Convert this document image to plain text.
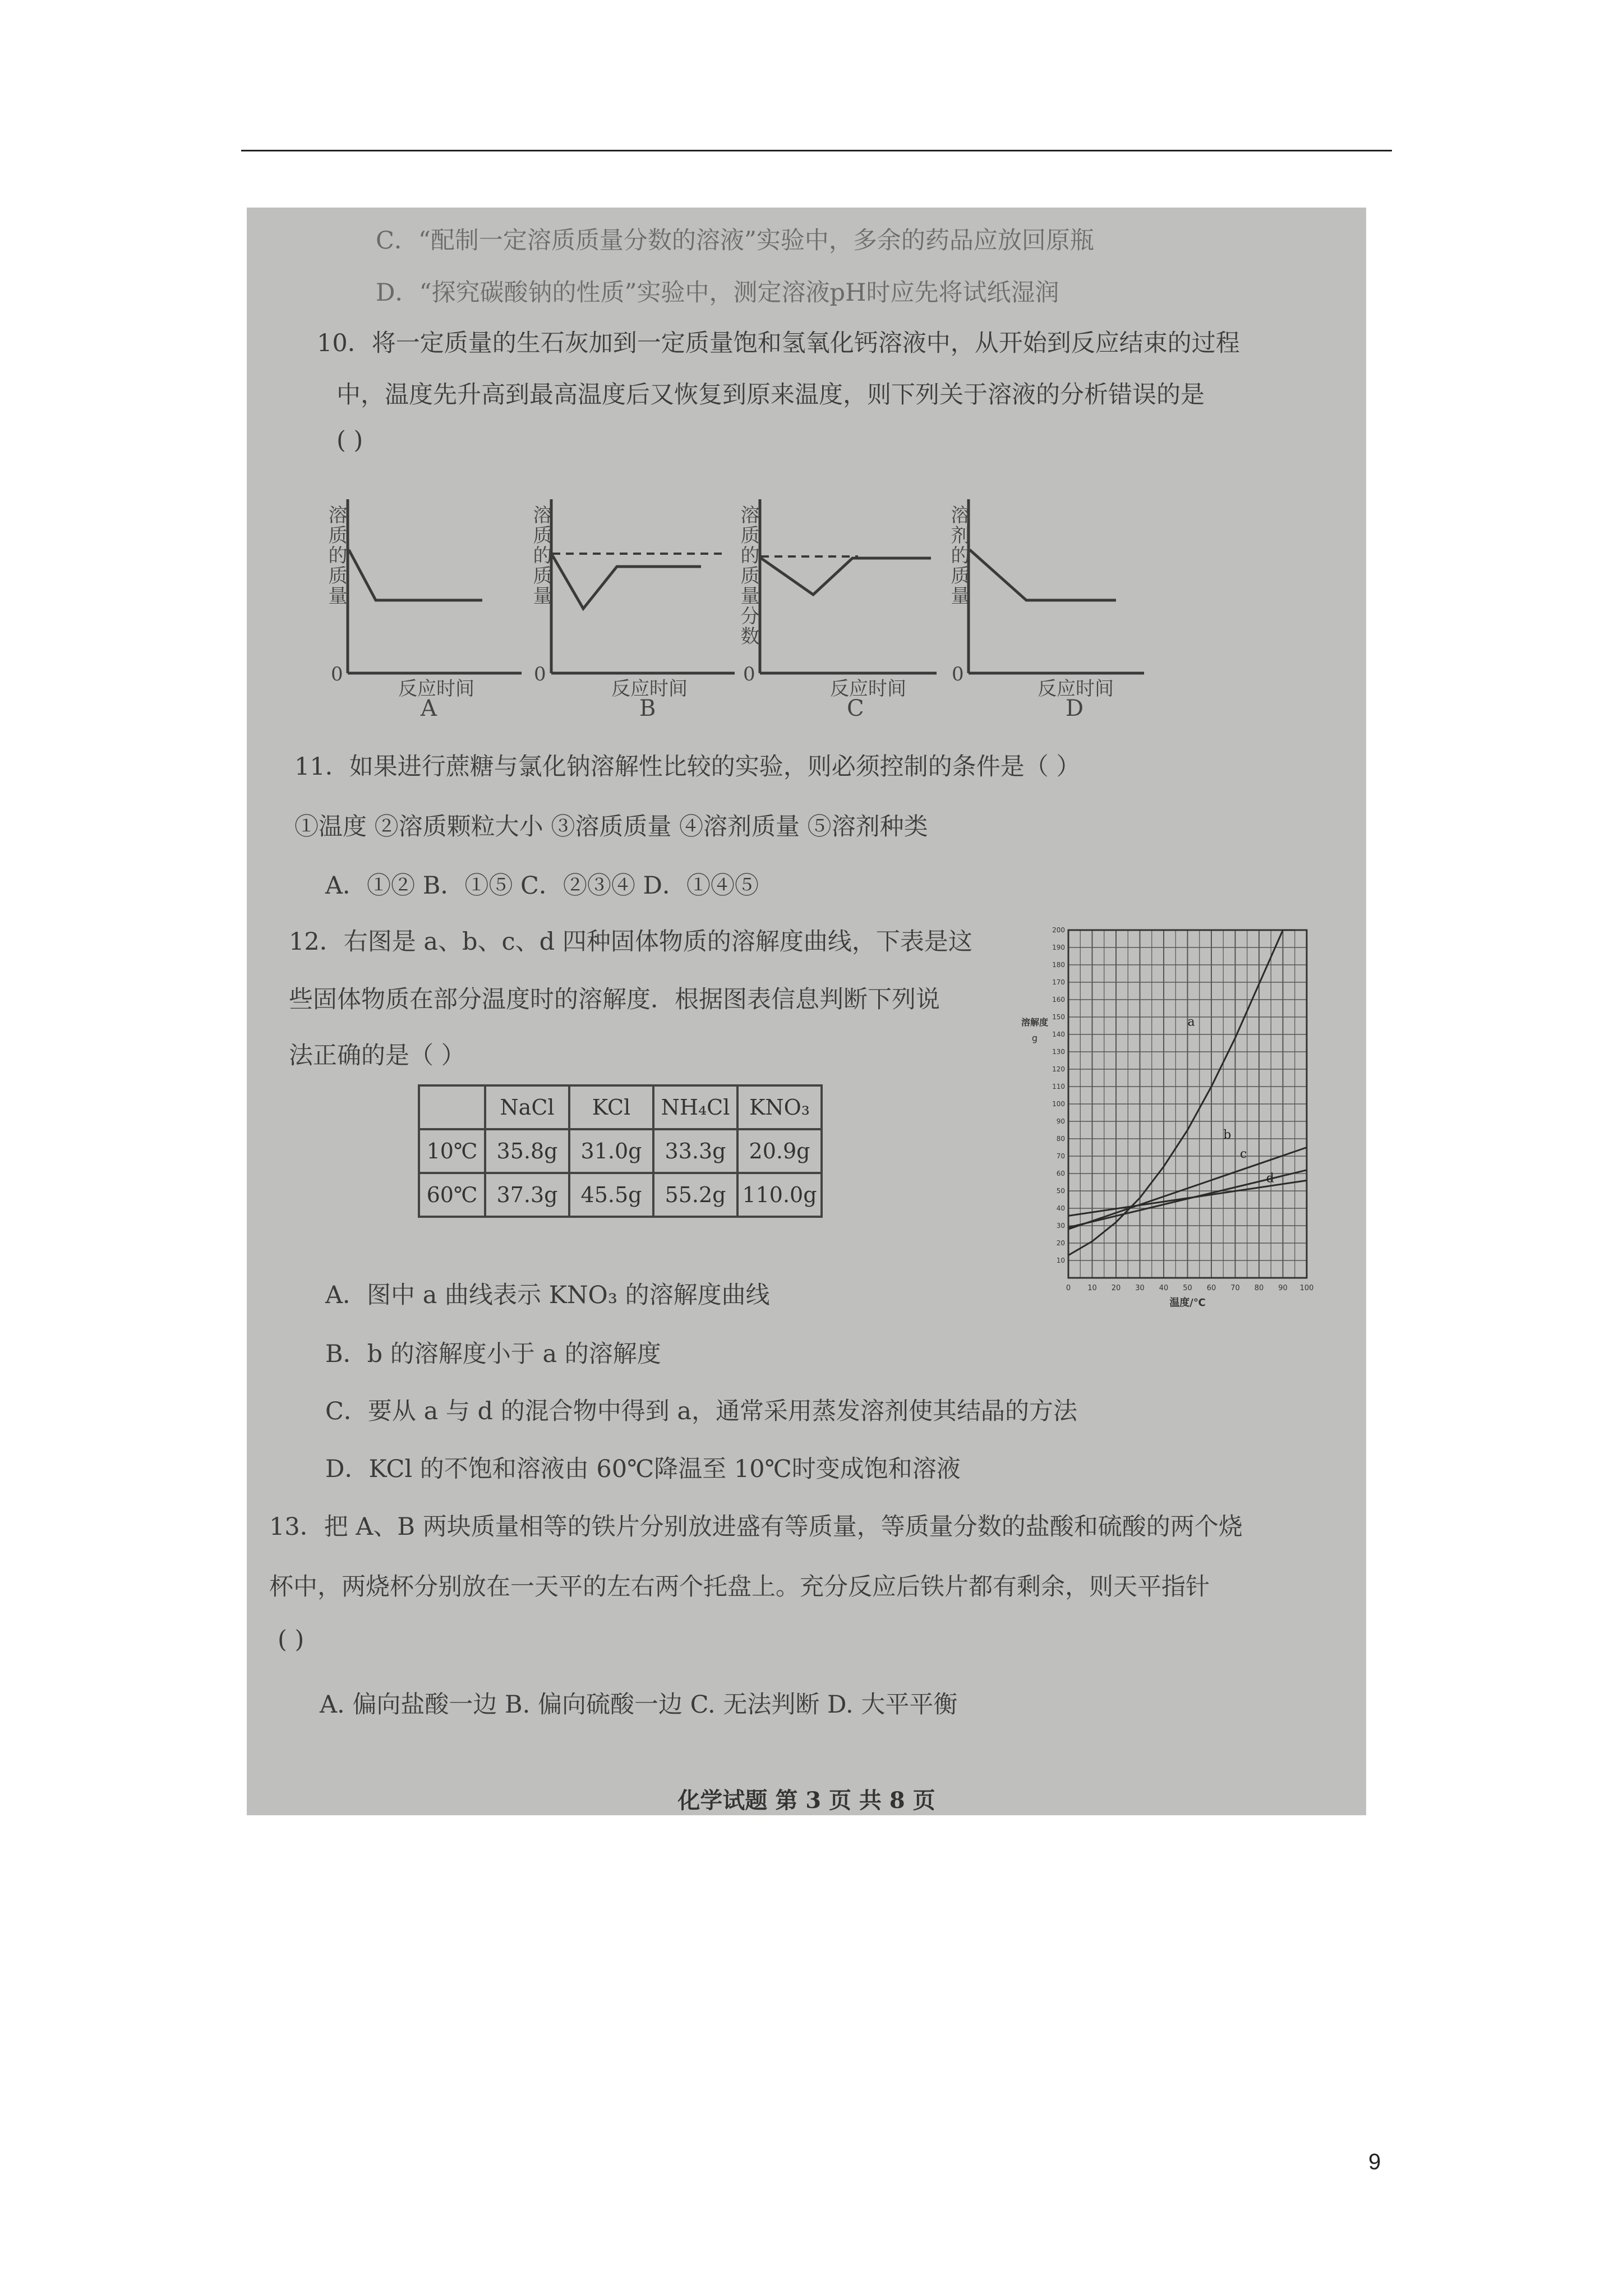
C．“配制一定溶质质量分数的溶液”实验中，多余的药品应放回原瓶
D．“探究碳酸钠的性质”实验中，测定溶液pH时应先将试纸湿润
10．将一定质量的生石灰加到一定质量饱和氢氧化钙溶液中，从开始到反应结束的过程
中，温度先升高到最高温度后又恢复到原来温度，则下列关于溶液的分析错误的是
( )
溶质的质量
0
反应时间
A
溶质的质量
0
反应时间
B
溶质的质量分数
0
反应时间
C
溶剂的质量
0
反应时间
D
11．如果进行蔗糖与氯化钠溶解性比较的实验，则必须控制的条件是（ ）
①温度 ②溶质颗粒大小 ③溶质质量 ④溶剂质量 ⑤溶剂种类
A．①② B．①⑤ C．②③④ D．①④⑤
12．右图是 a、b、c、d 四种固体物质的溶解度曲线，下表是这
些固体物质在部分温度时的溶解度．根据图表信息判断下列说
法正确的是（ ）
	NaCl	KCl	NH₄Cl	KNO₃
10℃	35.8g	31.0g	33.3g	20.9g
60℃	37.3g	45.5g	55.2g	110.0g
A．图中 a 曲线表示 KNO₃ 的溶解度曲线
B．b 的溶解度小于 a 的溶解度
C．要从 a 与 d 的混合物中得到 a，通常采用蒸发溶剂使其结晶的方法
D．KCl 的不饱和溶液由 60℃降温至 10℃时变成饱和溶液
13．把 A、B 两块质量相等的铁片分别放进盛有等质量，等质量分数的盐酸和硫酸的两个烧
杯中，两烧杯分别放在一天平的左右两个托盘上。充分反应后铁片都有剩余，则天平指针
( )
A. 偏向盐酸一边 B. 偏向硫酸一边 C. 无法判断 D. 大平平衡
化学试题 第 3 页 共 8 页
10
20
30
40
50
60
70
80
90
100
110
120
130
140
150
160
170
180
190
200
0 10 20 30 40 50 60 70 80 90 100
温度/℃
溶解度
g
a
b
c
d
9
